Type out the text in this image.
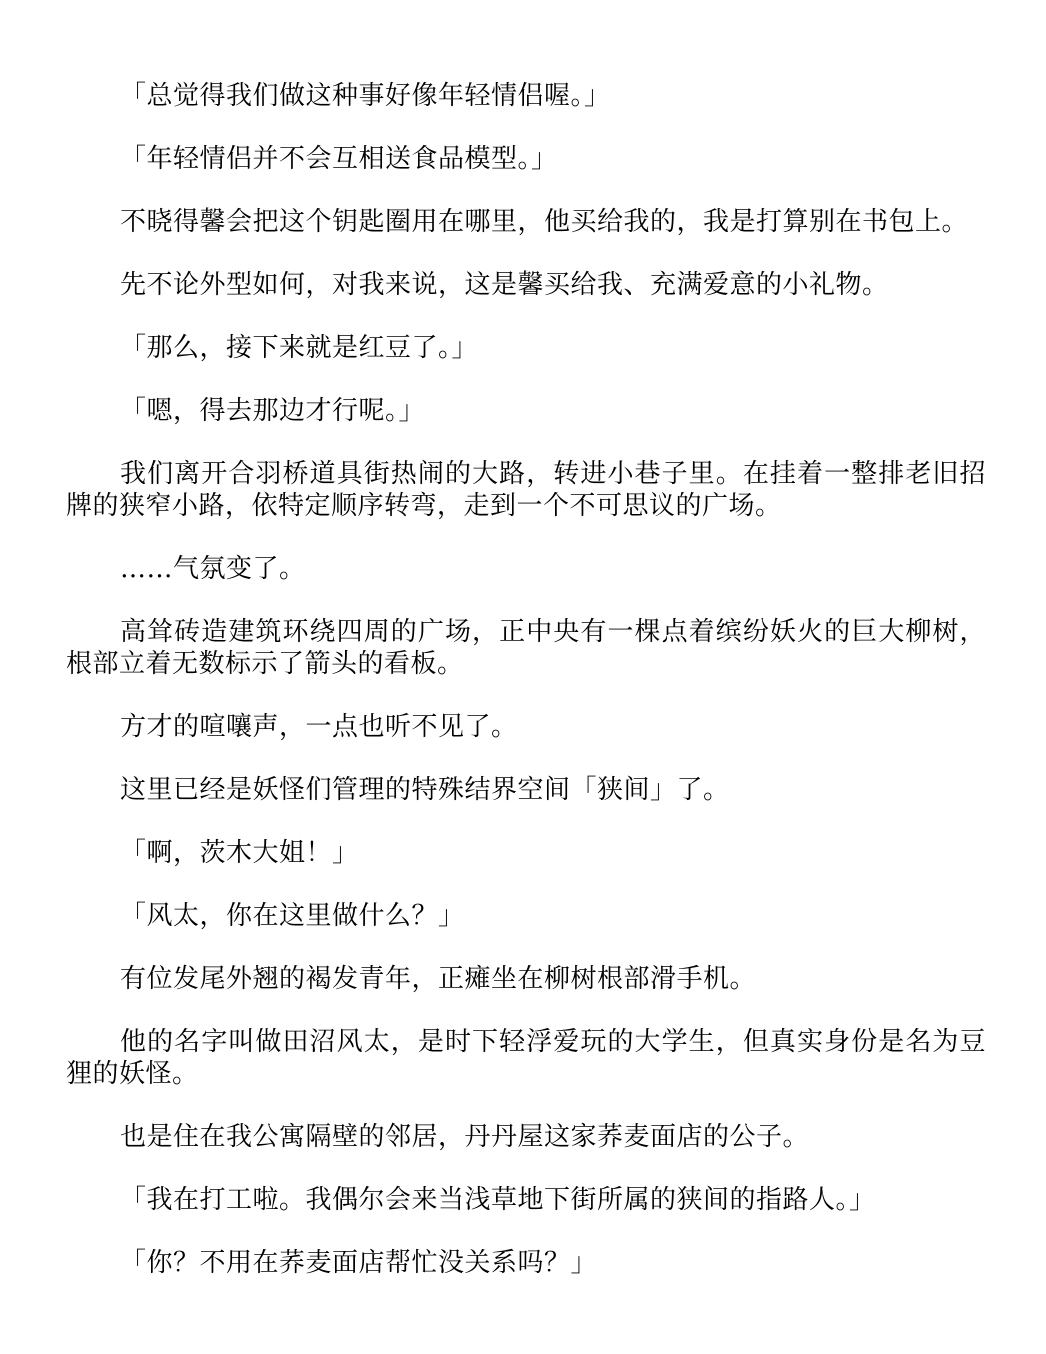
「总觉得我们做这种事好像年轻情侣喔。」

「年轻情侣并不会互相送食品模型。」

不晓得馨会把这个钥匙圈用在哪里，他买给我的，我是打算别在书包上。

先不论外型如何，对我来说，这是馨买给我、充满爱意的小礼物。

「那么，接下来就是红豆了。」

「嗯，得去那边才行呢。」

我们离开合羽桥道具街热闹的大路，转进小巷子里。在挂着一整排老旧招牌的狭窄小路，依特定顺序转弯，走到一个不可思议的广场。

……气氛变了。

高耸砖造建筑环绕四周的广场，正中央有一棵点着缤纷妖火的巨大柳树，根部立着无数标示了箭头的看板。

方才的喧嚷声，一点也听不见了。

这里已经是妖怪们管理的特殊结界空间「狭间」了。

「啊，茨木大姐！」

「风太，你在这里做什么？」

有位发尾外翘的褐发青年，正瘫坐在柳树根部滑手机。

他的名字叫做田沼风太，是时下轻浮爱玩的大学生，但真实身份是名为豆狸的妖怪。

也是住在我公寓隔壁的邻居，丹丹屋这家荞麦面店的公子。

「我在打工啦。我偶尔会来当浅草地下街所属的狭间的指路人。」

「你？不用在荞麦面店帮忙没关系吗？」
